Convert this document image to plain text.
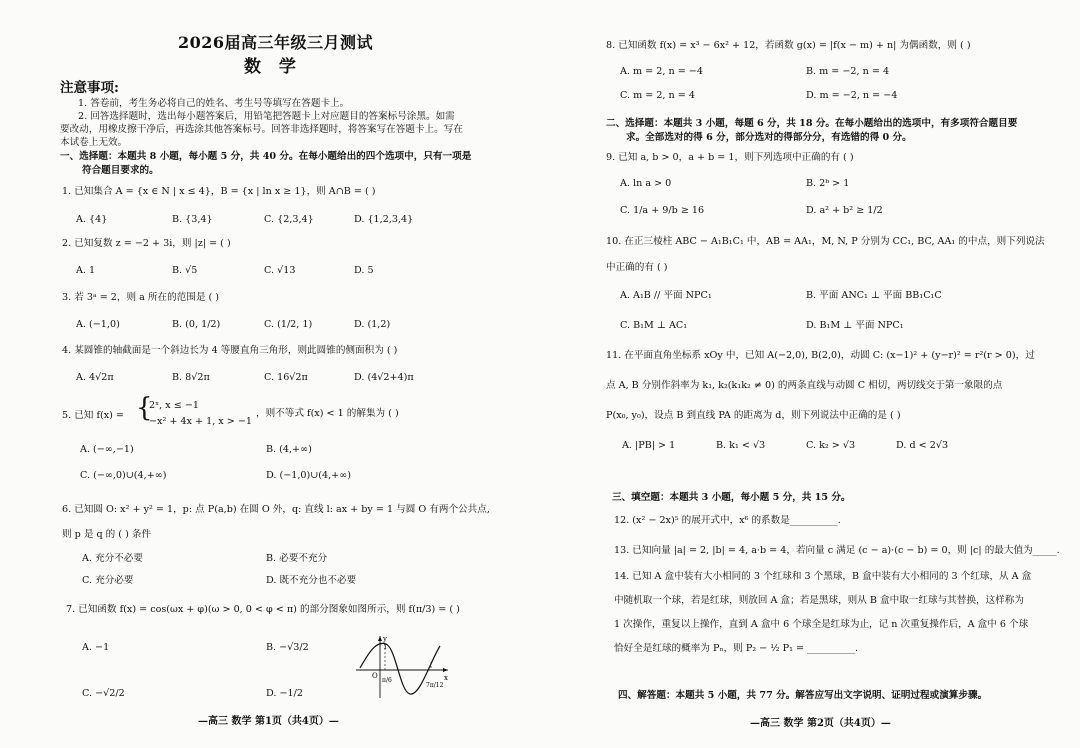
2026届高三年级三月测试
数 学
注意事项:
1. 答卷前，考生务必将自己的姓名、考生号等填写在答题卡上。
2. 回答选择题时，选出每小题答案后，用铅笔把答题卡上对应题目的答案标号涂黑。如需
要改动，用橡皮擦干净后，再选涂其他答案标号。回答非选择题时，将答案写在答题卡上。写在
本试卷上无效。
一、选择题：本题共 8 小题，每小题 5 分，共 40 分。在每小题给出的四个选项中，只有一项是
符合题目要求的。
1. 已知集合 A = {x ∈ N | x ≤ 4}，B = {x | ln x ≥ 1}，则 A∩B = ( )
A. {4}	B. {3,4}	C. {2,3,4}	D. {1,2,3,4}
2. 已知复数 z = −2 + 3i，则 |z| = ( )
A. 1	B. √5	C. √13	D. 5
3. 若 3ᵃ = 2，则 a 所在的范围是 ( )
A. (−1,0)	B. (0, 1/2)	C. (1/2, 1)	D. (1,2)
4. 某圆锥的轴截面是一个斜边长为 4 等腰直角三角形，则此圆锥的侧面积为 ( )
A. 4√2π	B. 8√2π	C. 16√2π	D. (4√2+4)π
5. 已知 f(x) = {
2ˣ, x ≤ −1
−x² + 4x + 1, x > −1
，则不等式 f(x) < 1 的解集为 ( )
A. (−∞,−1)	B. (4,+∞)
C. (−∞,0)∪(4,+∞)	D. (−1,0)∪(4,+∞)
6. 已知圆 O: x² + y² = 1，p: 点 P(a,b) 在圆 O 外，q: 直线 l: ax + by = 1 与圆 O 有两个公共点,
则 p 是 q 的 ( ) 条件
A. 充分不必要	B. 必要不充分
C. 充分必要	D. 既不充分也不必要
7. 已知函数 f(x) = cos(ωx + φ)(ω > 0, 0 < φ < π) 的部分图象如图所示，则 f(π/3) = ( )
A. −1	B. −√3/2
C. −√2/2	D. −1/2
1
O	x
y
π/6
7π/12
—高三 数学 第1页（共4页）—
8. 已知函数 f(x) = x³ − 6x² + 12，若函数 g(x) = |f(x − m) + n| 为偶函数，则 ( )
A. m = 2, n = −4	B. m = −2, n = 4
C. m = 2, n = 4	D. m = −2, n = −4
二、选择题：本题共 3 小题，每题 6 分，共 18 分。在每小题给出的选项中，有多项符合题目要
求。全部选对的得 6 分，部分选对的得部分分，有选错的得 0 分。
9. 已知 a, b > 0，a + b = 1，则下列选项中正确的有 ( )
A. ln a > 0	B. 2ᵇ > 1
C. 1/a + 9/b ≥ 16	D. a² + b² ≥ 1/2
10. 在正三棱柱 ABC − A₁B₁C₁ 中，AB = AA₁，M, N, P 分别为 CC₁, BC, AA₁ 的中点，则下列说法
中正确的有 ( )
A. A₁B // 平面 NPC₁	B. 平面 ANC₁ ⊥ 平面 BB₁C₁C
C. B₁M ⊥ AC₁	D. B₁M ⊥ 平面 NPC₁
11. 在平面直角坐标系 xOy 中，已知 A(−2,0), B(2,0)，动圆 C: (x−1)² + (y−r)² = r²(r > 0)，过
点 A, B 分别作斜率为 k₁, k₂(k₁k₂ ≠ 0) 的两条直线与动圆 C 相切，两切线交于第一象限的点
P(x₀, y₀)，设点 B 到直线 PA 的距离为 d，则下列说法中正确的是 ( )
A. |PB| > 1	B. k₁ < √3	C. k₂ > √3	D. d < 2√3
三、填空题：本题共 3 小题，每小题 5 分，共 15 分。
12. (x² − 2x)⁵ 的展开式中，x⁶ 的系数是__________.
13. 已知向量 |a| = 2, |b| = 4, a·b = 4，若向量 c 满足 (c − a)·(c − b) = 0，则 |c| 的最大值为_____.
14. 已知 A 盒中装有大小相同的 3 个红球和 3 个黑球，B 盒中装有大小相同的 3 个红球，从 A 盒
中随机取一个球，若是红球，则放回 A 盒；若是黑球，则从 B 盒中取一红球与其替换，这样称为
1 次操作，重复以上操作，直到 A 盒中 6 个球全是红球为止，记 n 次重复操作后，A 盒中 6 个球
恰好全是红球的概率为 Pₙ，则 P₂ − ½ P₁ = __________.
四、解答题：本题共 5 小题，共 77 分。解答应写出文字说明、证明过程或演算步骤。
—高三 数学 第2页（共4页）—
